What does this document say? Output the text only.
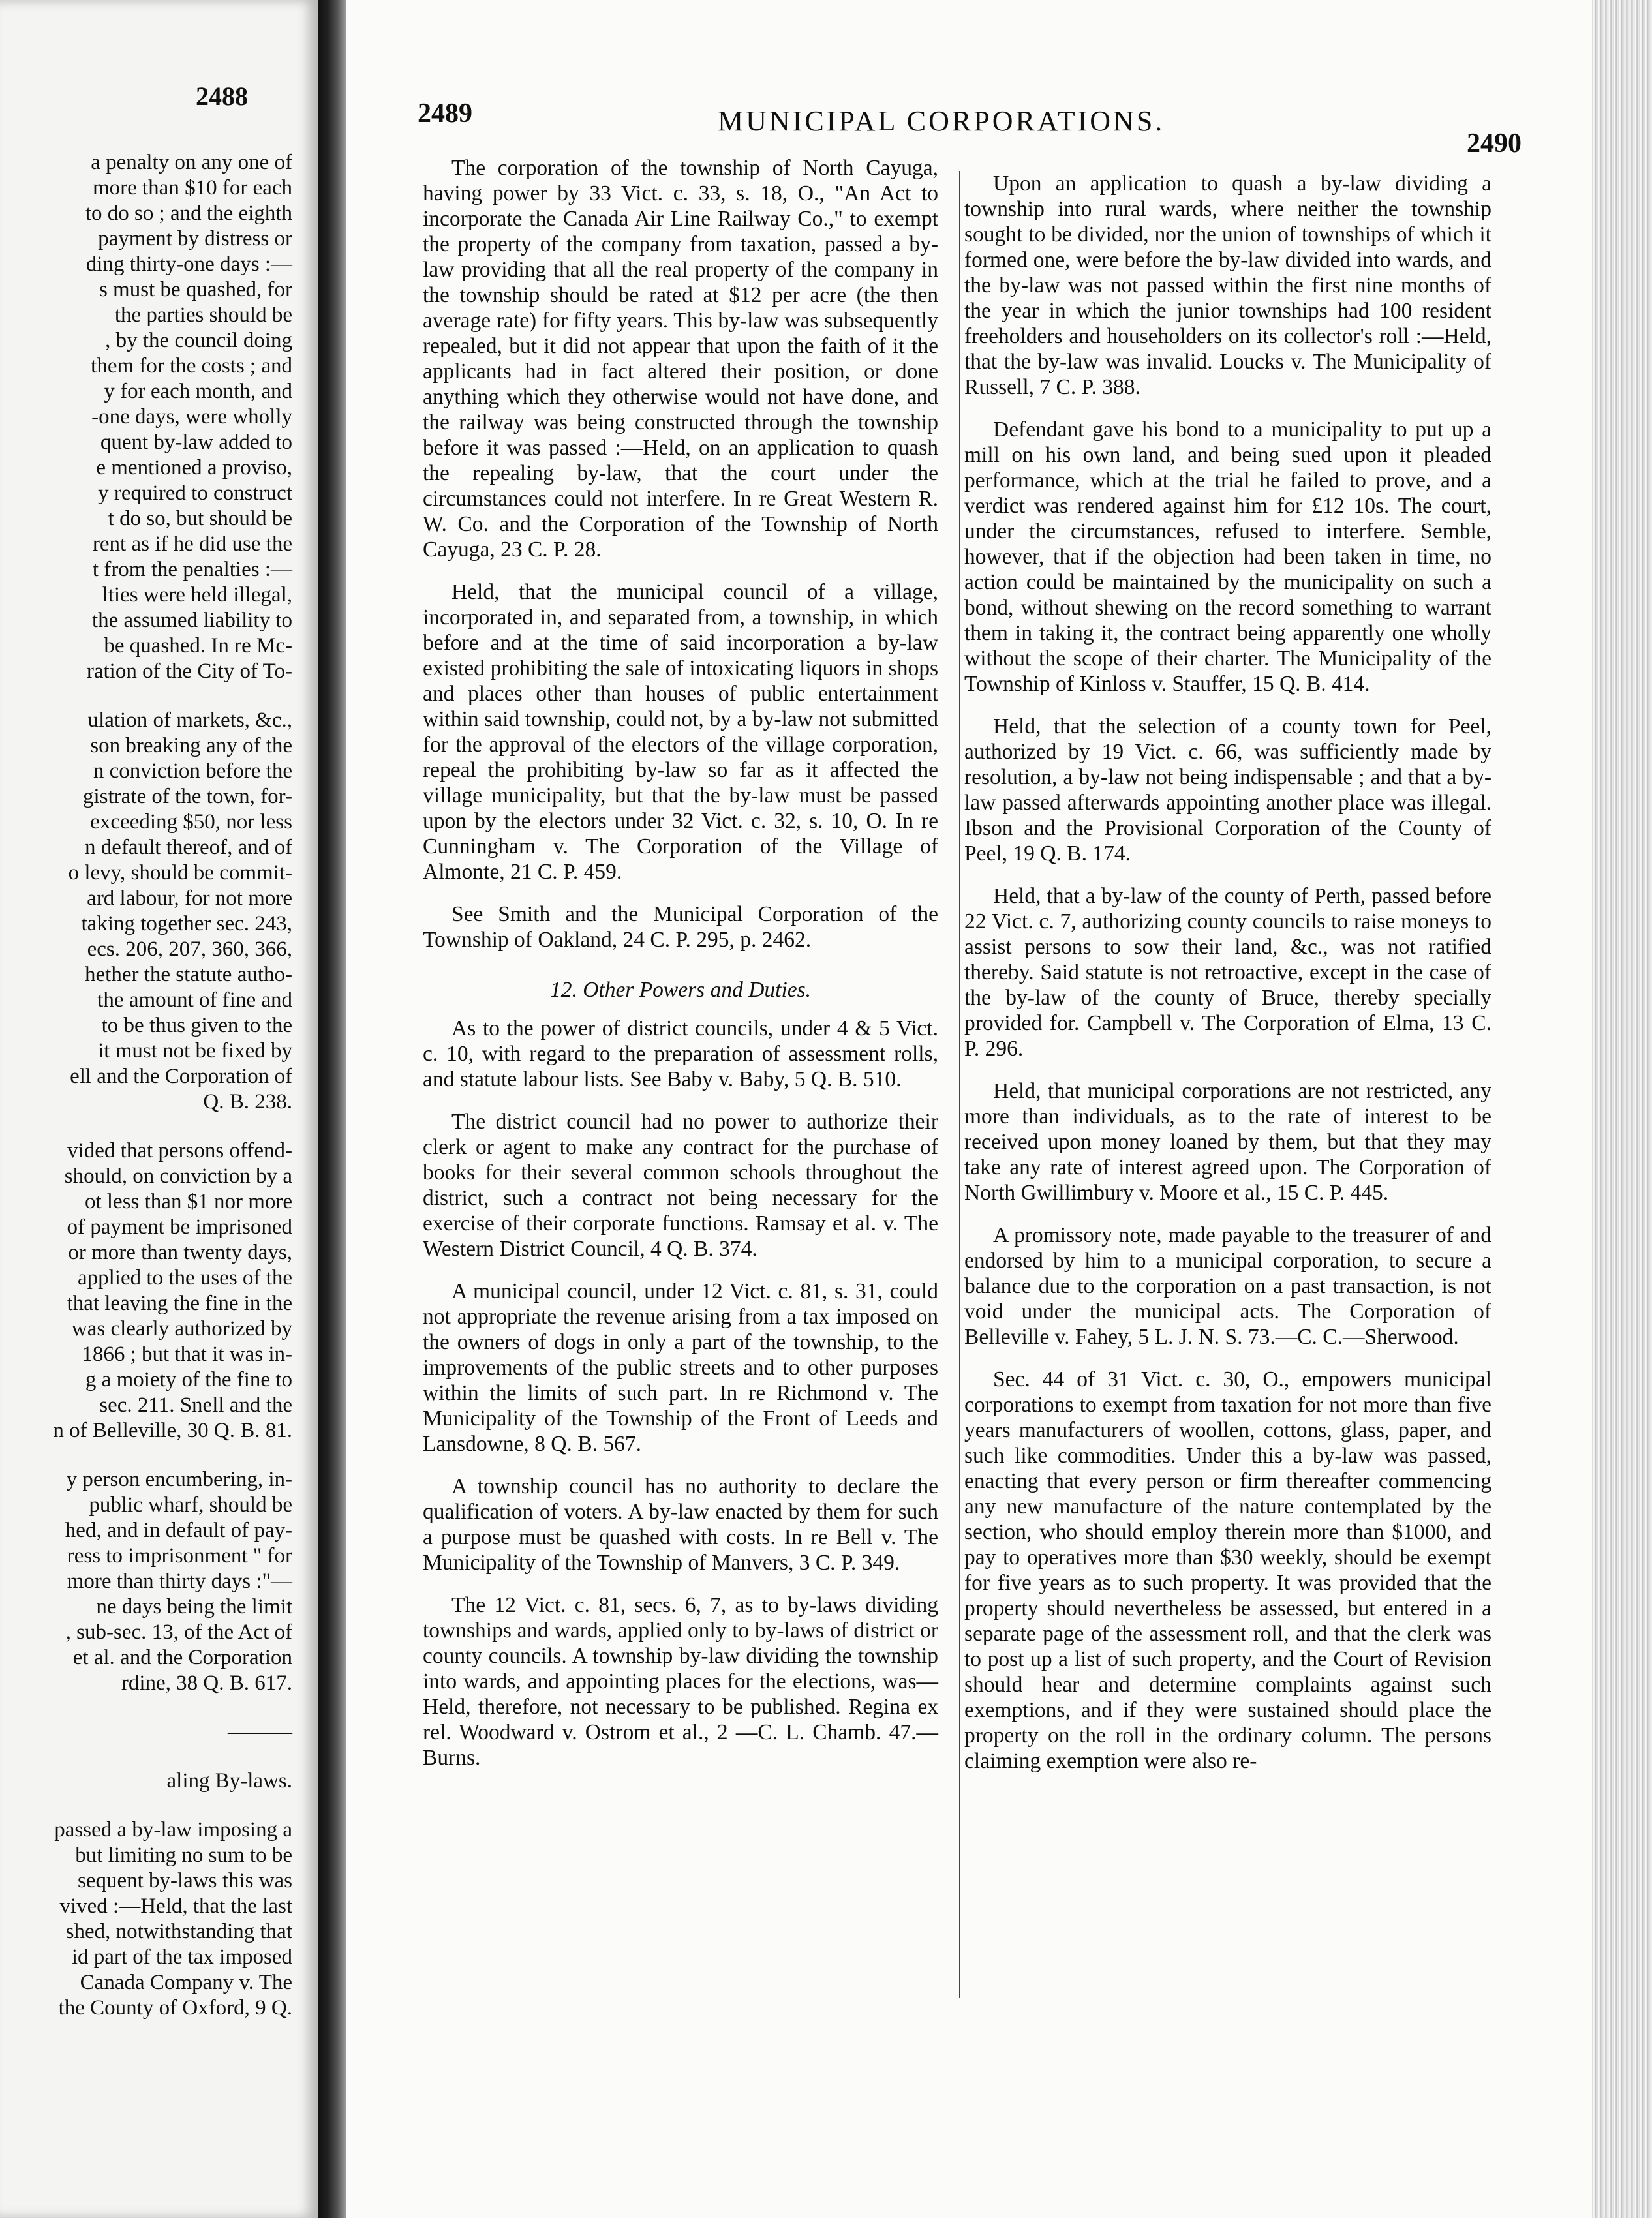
2488

a penalty on any one of

more than $10 for each

to do so ; and the eighth

payment by distress or

ding thirty-one days :—

s must be quashed, for

the parties should be

, by the council doing

them for the costs ; and

y for each month, and

-one days, were wholly

quent by-law added to

e mentioned a proviso,

y required to construct

t do so, but should be

rent as if he did use the

t from the penalties :—

lties were held illegal,

the assumed liability to

be quashed. In re Mc-

ration of the City of To-

ulation of markets, &c.,

son breaking any of the

n conviction before the

gistrate of the town, for-

exceeding $50, nor less

n default thereof, and of

o levy, should be commit-

ard labour, for not more

taking together sec. 243,

ecs. 206, 207, 360, 366,

hether the statute autho-

the amount of fine and

to be thus given to the

it must not be fixed by

ell and the Corporation of

Q. B. 238.

vided that persons offend-

should, on conviction by a

ot less than $1 nor more

of payment be imprisoned

or more than twenty days,

applied to the uses of the

that leaving the fine in the

was clearly authorized by

1866 ; but that it was in-

g a moiety of the fine to

sec. 211. Snell and the

n of Belleville, 30 Q. B. 81.

y person encumbering, in-

public wharf, should be

hed, and in default of pay-

ress to imprisonment " for

more than thirty days :"—

ne days being the limit

, sub-sec. 13, of the Act of

et al. and the Corporation

rdine, 38 Q. B. 617.

———

aling By-laws.

passed a by-law imposing a

but limiting no sum to be

sequent by-laws this was

vived :—Held, that the last

shed, notwithstanding that

id part of the tax imposed

Canada Company v. The

the County of Oxford, 9 Q.

2489	MUNICIPAL CORPORATIONS.
2490

The corporation of the township of North Cayuga, having power by 33 Vict. c. 33, s. 18, O., "An Act to incorporate the Canada Air Line Railway Co.," to exempt the property of the company from taxation, passed a by-law providing that all the real property of the company in the township should be rated at $12 per acre (the then average rate) for fifty years. This by-law was subsequently repealed, but it did not appear that upon the faith of it the applicants had in fact altered their position, or done anything which they otherwise would not have done, and the railway was being constructed through the township before it was passed :—Held, on an application to quash the repealing by-law, that the court under the circumstances could not interfere. In re Great Western R. W. Co. and the Corporation of the Township of North Cayuga, 23 C. P. 28.

Held, that the municipal council of a village, incorporated in, and separated from, a township, in which before and at the time of said incorporation a by-law existed prohibiting the sale of intoxicating liquors in shops and places other than houses of public entertainment within said township, could not, by a by-law not submitted for the approval of the electors of the village corporation, repeal the prohibiting by-law so far as it affected the village municipality, but that the by-law must be passed upon by the electors under 32 Vict. c. 32, s. 10, O. In re Cunningham v. The Corporation of the Village of Almonte, 21 C. P. 459.

See Smith and the Municipal Corporation of the Township of Oakland, 24 C. P. 295, p. 2462.

12. Other Powers and Duties.

As to the power of district councils, under 4 & 5 Vict. c. 10, with regard to the preparation of assessment rolls, and statute labour lists. See Baby v. Baby, 5 Q. B. 510.

The district council had no power to authorize their clerk or agent to make any contract for the purchase of books for their several common schools throughout the district, such a contract not being necessary for the exercise of their corporate functions. Ramsay et al. v. The Western District Council, 4 Q. B. 374.

A municipal council, under 12 Vict. c. 81, s. 31, could not appropriate the revenue arising from a tax imposed on the owners of dogs in only a part of the township, to the improvements of the public streets and to other purposes within the limits of such part. In re Richmond v. The Municipality of the Township of the Front of Leeds and Lansdowne, 8 Q. B. 567.

A township council has no authority to declare the qualification of voters. A by-law enacted by them for such a purpose must be quashed with costs. In re Bell v. The Municipality of the Township of Manvers, 3 C. P. 349.

The 12 Vict. c. 81, secs. 6, 7, as to by-laws dividing townships and wards, applied only to by-laws of district or county councils. A township by-law dividing the township into wards, and appointing places for the elections, was—Held, therefore, not necessary to be published. Regina ex rel. Woodward v. Ostrom et al., 2 —C. L. Chamb. 47.—Burns.

Upon an application to quash a by-law dividing a township into rural wards, where neither the township sought to be divided, nor the union of townships of which it formed one, were before the by-law divided into wards, and the by-law was not passed within the first nine months of the year in which the junior townships had 100 resident freeholders and householders on its collector's roll :—Held, that the by-law was invalid. Loucks v. The Municipality of Russell, 7 C. P. 388.

Defendant gave his bond to a municipality to put up a mill on his own land, and being sued upon it pleaded performance, which at the trial he failed to prove, and a verdict was rendered against him for £12 10s. The court, under the circumstances, refused to interfere. Semble, however, that if the objection had been taken in time, no action could be maintained by the municipality on such a bond, without shewing on the record something to warrant them in taking it, the contract being apparently one wholly without the scope of their charter. The Municipality of the Township of Kinloss v. Stauffer, 15 Q. B. 414.

Held, that the selection of a county town for Peel, authorized by 19 Vict. c. 66, was sufficiently made by resolution, a by-law not being indispensable ; and that a by-law passed afterwards appointing another place was illegal. Ibson and the Provisional Corporation of the County of Peel, 19 Q. B. 174.

Held, that a by-law of the county of Perth, passed before 22 Vict. c. 7, authorizing county councils to raise moneys to assist persons to sow their land, &c., was not ratified thereby. Said statute is not retroactive, except in the case of the by-law of the county of Bruce, thereby specially provided for. Campbell v. The Corporation of Elma, 13 C. P. 296.

Held, that municipal corporations are not restricted, any more than individuals, as to the rate of interest to be received upon money loaned by them, but that they may take any rate of interest agreed upon. The Corporation of North Gwillimbury v. Moore et al., 15 C. P. 445.

A promissory note, made payable to the treasurer of and endorsed by him to a municipal corporation, to secure a balance due to the corporation on a past transaction, is not void under the municipal acts. The Corporation of Belleville v. Fahey, 5 L. J. N. S. 73.—C. C.—Sherwood.

Sec. 44 of 31 Vict. c. 30, O., empowers municipal corporations to exempt from taxation for not more than five years manufacturers of woollen, cottons, glass, paper, and such like commodities. Under this a by-law was passed, enacting that every person or firm thereafter commencing any new manufacture of the nature contemplated by the section, who should employ therein more than $1000, and pay to operatives more than $30 weekly, should be exempt for five years as to such property. It was provided that the property should nevertheless be assessed, but entered in a separate page of the assessment roll, and that the clerk was to post up a list of such property, and the Court of Revision should hear and determine complaints against such exemptions, and if they were sustained should place the property on the roll in the ordinary column. The persons claiming exemption were also re-
